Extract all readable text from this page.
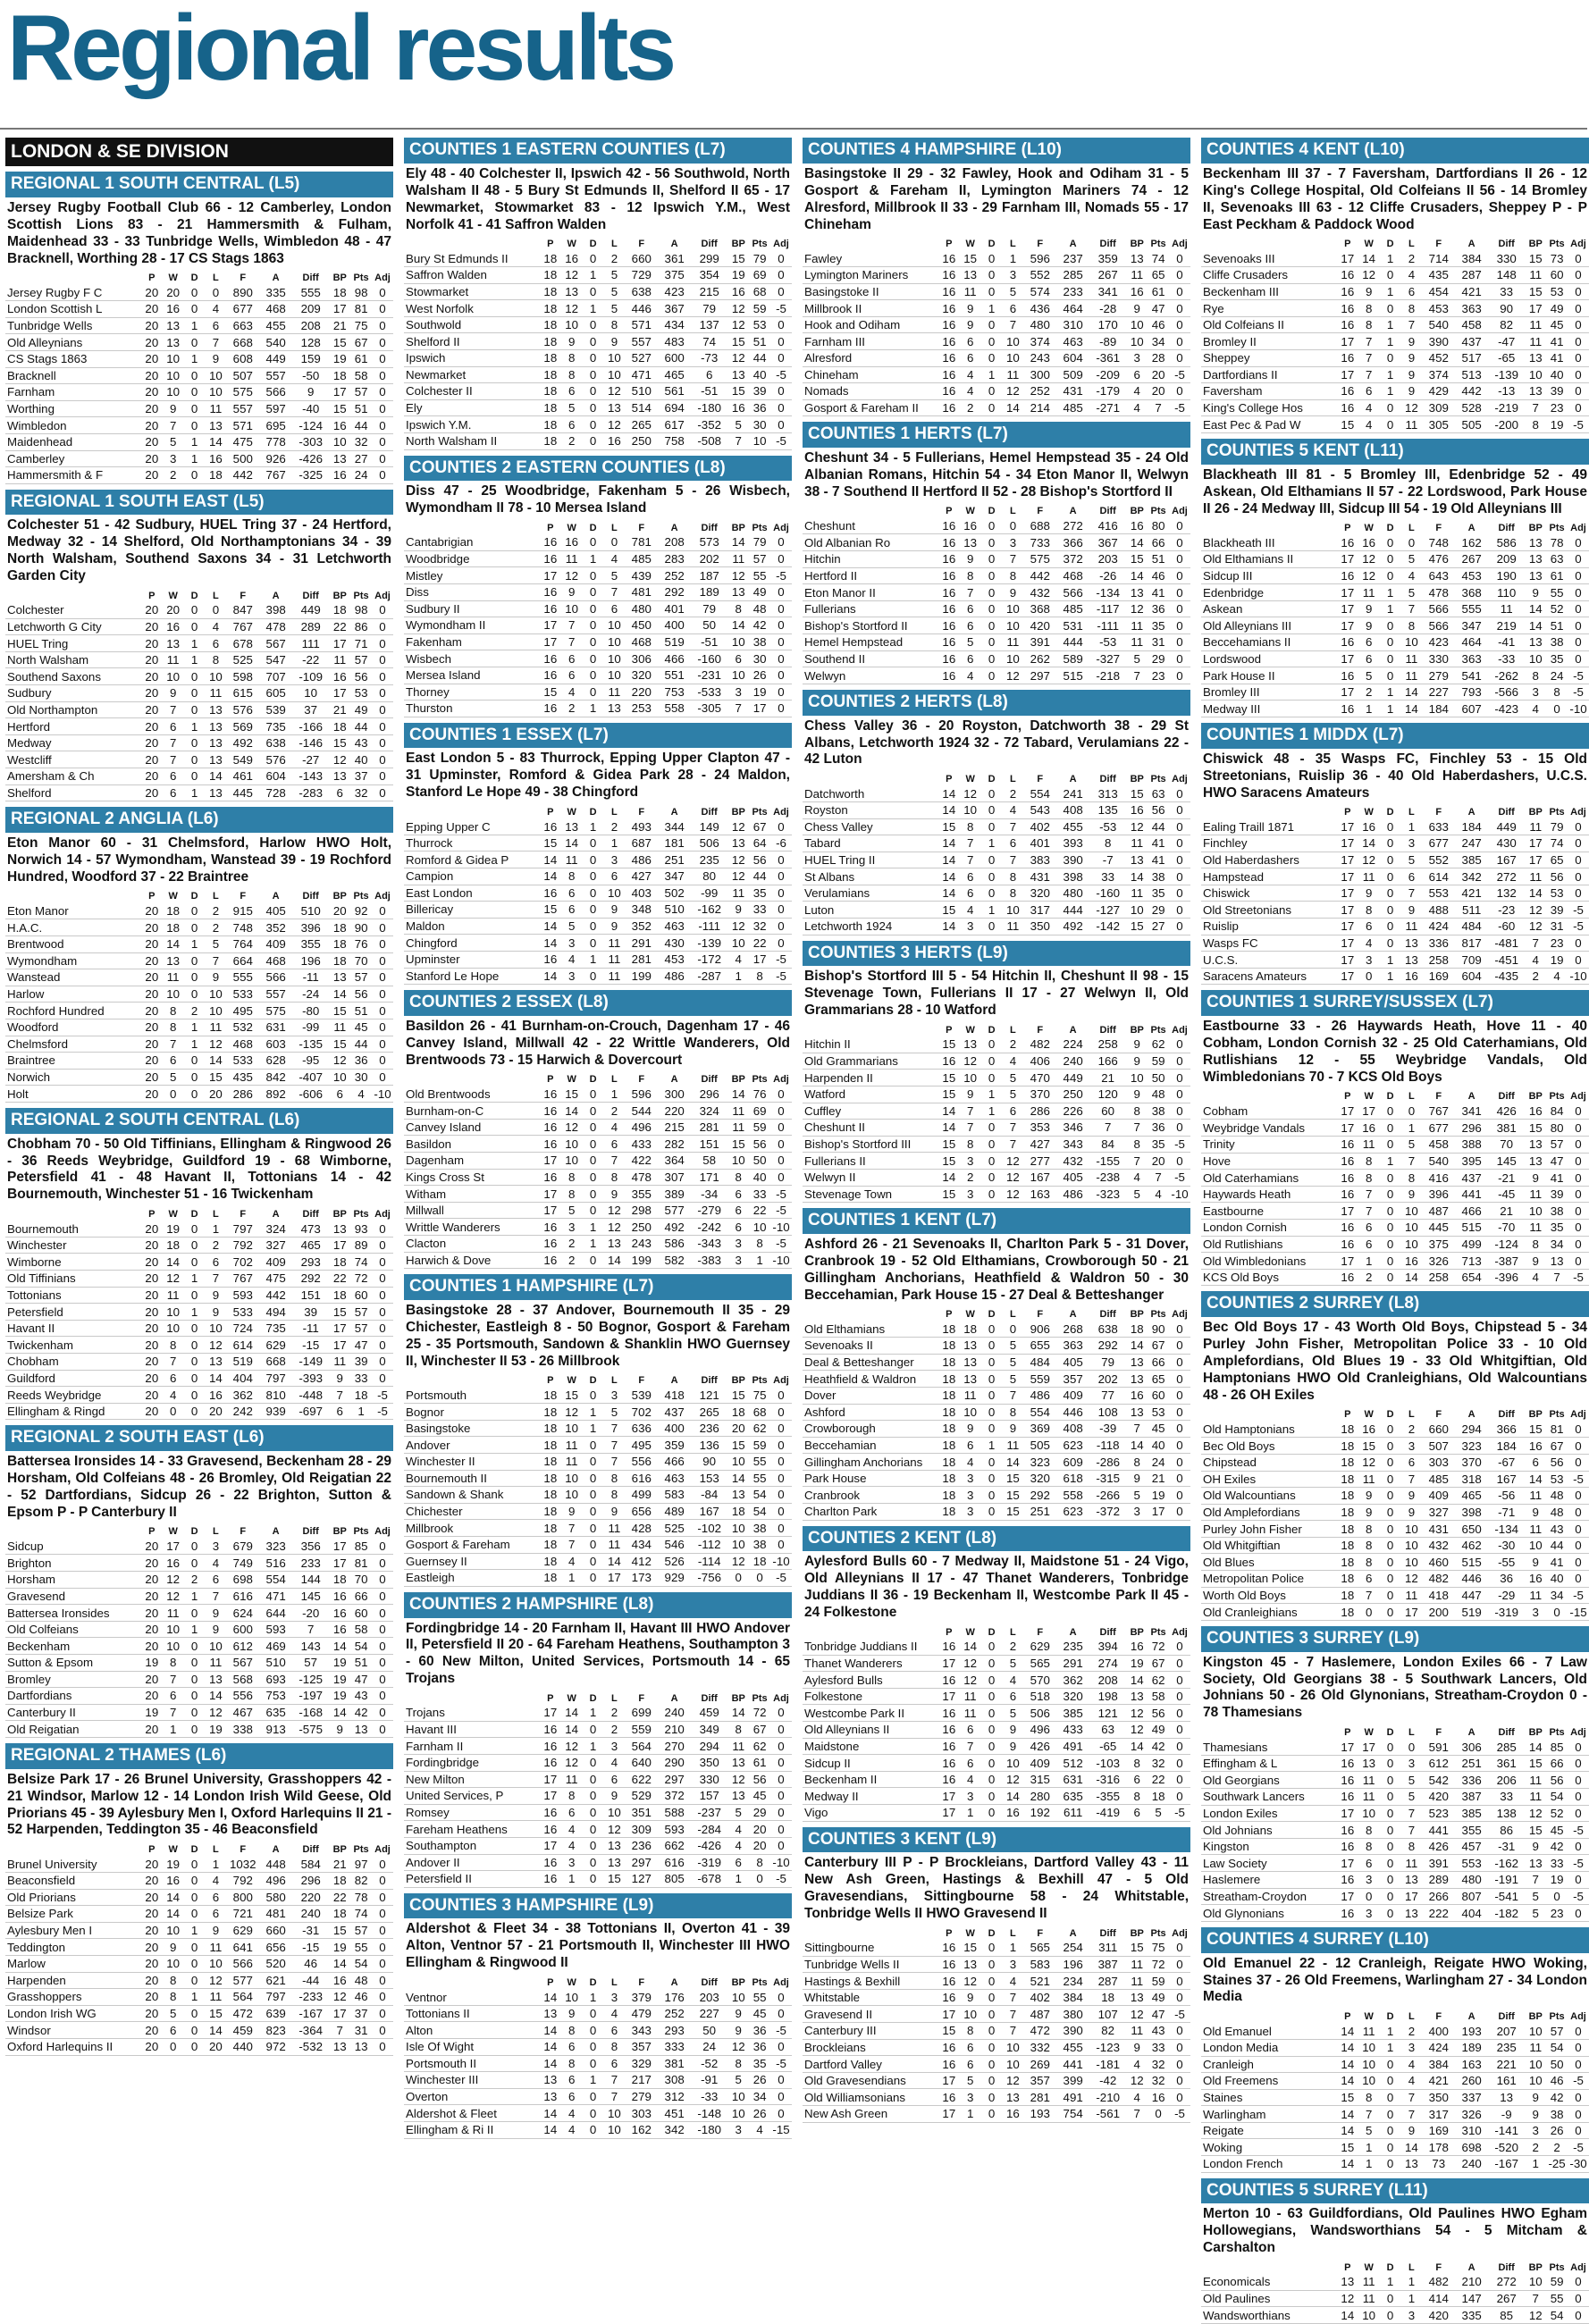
Regional results
LONDON & SE DIVISION
REGIONAL 1 SOUTH CENTRAL (L5)
Jersey Rugby Football Club 66 - 12 Camberley, London Scottish Lions 83 - 21 Hammersmith & Fulham, Maidenhead 33 - 33 Tunbridge Wells, Wimbledon 48 - 47 Bracknell, Worthing 28 - 17 CS Stags 1863
	P	W	D	L	F	A	Diff	BP	Pts	Adj
Jersey Rugby F C	20	20	0	0	890	335	555	18	98	0
London Scottish L	20	16	0	4	677	468	209	17	81	0
Tunbridge Wells	20	13	1	6	663	455	208	21	75	0
Old Alleynians	20	13	0	7	668	540	128	15	67	0
CS Stags 1863	20	10	1	9	608	449	159	19	61	0
Bracknell	20	10	0	10	507	557	-50	18	58	0
Farnham	20	10	0	10	575	566	9	17	57	0
Worthing	20	9	0	11	557	597	-40	15	51	0
Wimbledon	20	7	0	13	571	695	-124	16	44	0
Maidenhead	20	5	1	14	475	778	-303	10	32	0
Camberley	20	3	1	16	500	926	-426	13	27	0
Hammersmith & F	20	2	0	18	442	767	-325	16	24	0
REGIONAL 1 SOUTH EAST (L5)
Colchester 51 - 42 Sudbury, HUEL Tring 37 - 24 Hertford, Medway 32 - 14 Shelford, Old Northamptonians 34 - 39 North Walsham, Southend Saxons 34 - 31 Letchworth Garden City
	P	W	D	L	F	A	Diff	BP	Pts	Adj
Colchester	20	20	0	0	847	398	449	18	98	0
Letchworth G City	20	16	0	4	767	478	289	22	86	0
HUEL Tring	20	13	1	6	678	567	111	17	71	0
North Walsham	20	11	1	8	525	547	-22	11	57	0
Southend Saxons	20	10	0	10	598	707	-109	16	56	0
Sudbury	20	9	0	11	615	605	10	17	53	0
Old Northampton	20	7	0	13	576	539	37	21	49	0
Hertford	20	6	1	13	569	735	-166	18	44	0
Medway	20	7	0	13	492	638	-146	15	43	0
Westcliff	20	7	0	13	549	576	-27	12	40	0
Amersham & Ch	20	6	0	14	461	604	-143	13	37	0
Shelford	20	6	1	13	445	728	-283	6	32	0
REGIONAL 2 ANGLIA (L6)
Eton Manor 60 - 31 Chelmsford, Harlow HWO Holt, Norwich 14 - 57 Wymondham, Wanstead 39 - 19 Rochford Hundred, Woodford 37 - 22 Braintree
	P	W	D	L	F	A	Diff	BP	Pts	Adj
Eton Manor	20	18	0	2	915	405	510	20	92	0
H.A.C.	20	18	0	2	748	352	396	18	90	0
Brentwood	20	14	1	5	764	409	355	18	76	0
Wymondham	20	13	0	7	664	468	196	18	70	0
Wanstead	20	11	0	9	555	566	-11	13	57	0
Harlow	20	10	0	10	533	557	-24	14	56	0
Rochford Hundred	20	8	2	10	495	575	-80	15	51	0
Woodford	20	8	1	11	532	631	-99	11	45	0
Chelmsford	20	7	1	12	468	603	-135	15	44	0
Braintree	20	6	0	14	533	628	-95	12	36	0
Norwich	20	5	0	15	435	842	-407	10	30	0
Holt	20	0	0	20	286	892	-606	6	4	-10
REGIONAL 2 SOUTH CENTRAL (L6)
Chobham 70 - 50 Old Tiffinians, Ellingham & Ringwood 26 - 36 Reeds Weybridge, Guildford 19 - 68 Wimborne, Petersfield 41 - 48 Havant II, Tottonians 14 - 42 Bournemouth, Winchester 51 - 16 Twickenham
	P	W	D	L	F	A	Diff	BP	Pts	Adj
Bournemouth	20	19	0	1	797	324	473	13	93	0
Winchester	20	18	0	2	792	327	465	17	89	0
Wimborne	20	14	0	6	702	409	293	18	74	0
Old Tiffinians	20	12	1	7	767	475	292	22	72	0
Tottonians	20	11	0	9	593	442	151	18	60	0
Petersfield	20	10	1	9	533	494	39	15	57	0
Havant II	20	10	0	10	724	735	-11	17	57	0
Twickenham	20	8	0	12	614	629	-15	17	47	0
Chobham	20	7	0	13	519	668	-149	11	39	0
Guildford	20	6	0	14	404	797	-393	9	33	0
Reeds Weybridge	20	4	0	16	362	810	-448	7	18	-5
Ellingham & Ringd	20	0	0	20	242	939	-697	6	1	-5
REGIONAL 2 SOUTH EAST (L6)
Battersea Ironsides 14 - 33 Gravesend, Beckenham 28 - 29 Horsham, Old Colfeians 48 - 26 Bromley, Old Reigatian 22 - 52 Dartfordians, Sidcup 26 - 22 Brighton, Sutton & Epsom P - P Canterbury II
	P	W	D	L	F	A	Diff	BP	Pts	Adj
Sidcup	20	17	0	3	679	323	356	17	85	0
Brighton	20	16	0	4	749	516	233	17	81	0
Horsham	20	12	2	6	698	554	144	18	70	0
Gravesend	20	12	1	7	616	471	145	16	66	0
Battersea Ironsides	20	11	0	9	624	644	-20	16	60	0
Old Colfeians	20	10	1	9	600	593	7	16	58	0
Beckenham	20	10	0	10	612	469	143	14	54	0
Sutton & Epsom	19	8	0	11	567	510	57	19	51	0
Bromley	20	7	0	13	568	693	-125	19	47	0
Dartfordians	20	6	0	14	556	753	-197	19	43	0
Canterbury II	19	7	0	12	467	635	-168	14	42	0
Old Reigatian	20	1	0	19	338	913	-575	9	13	0
REGIONAL 2 THAMES (L6)
Belsize Park 17 - 26 Brunel University, Grasshoppers 42 - 21 Windsor, Marlow 12 - 14 London Irish Wild Geese, Old Priorians 45 - 39 Aylesbury Men I, Oxford Harlequins II 21 - 52 Harpenden, Teddington 35 - 46 Beaconsfield
	P	W	D	L	F	A	Diff	BP	Pts	Adj
Brunel University	20	19	0	1	1032	448	584	21	97	0
Beaconsfield	20	16	0	4	792	496	296	18	82	0
Old Priorians	20	14	0	6	800	580	220	22	78	0
Belsize Park	20	14	0	6	721	481	240	18	74	0
Aylesbury Men I	20	10	1	9	629	660	-31	15	57	0
Teddington	20	9	0	11	641	656	-15	19	55	0
Marlow	20	10	0	10	566	520	46	14	54	0
Harpenden	20	8	0	12	577	621	-44	16	48	0
Grasshoppers	20	8	1	11	564	797	-233	12	46	0
London Irish WG	20	5	0	15	472	639	-167	17	37	0
Windsor	20	6	0	14	459	823	-364	7	31	0
Oxford Harlequins II	20	0	0	20	440	972	-532	13	13	0
COUNTIES 1 EASTERN COUNTIES (L7)
Ely 48 - 40 Colchester II, Ipswich 42 - 56 Southwold, North Walsham II 48 - 5 Bury St Edmunds II, Shelford II 65 - 17 Newmarket, Stowmarket 83 - 12 Ipswich Y.M., West Norfolk 41 - 41 Saffron Walden
	P	W	D	L	F	A	Diff	BP	Pts	Adj
Bury St Edmunds II	18	16	0	2	660	361	299	15	79	0
Saffron Walden	18	12	1	5	729	375	354	19	69	0
Stowmarket	18	13	0	5	638	423	215	16	68	0
West Norfolk	18	12	1	5	446	367	79	12	59	-5
Southwold	18	10	0	8	571	434	137	12	53	0
Shelford II	18	9	0	9	557	483	74	15	51	0
Ipswich	18	8	0	10	527	600	-73	12	44	0
Newmarket	18	8	0	10	471	465	6	13	40	-5
Colchester II	18	6	0	12	510	561	-51	15	39	0
Ely	18	5	0	13	514	694	-180	16	36	0
Ipswich Y.M.	18	6	0	12	265	617	-352	5	30	0
North Walsham II	18	2	0	16	250	758	-508	7	10	-5
COUNTIES 2 EASTERN COUNTIES (L8)
Diss 47 - 25 Woodbridge, Fakenham 5 - 26 Wisbech, Wymondham II 78 - 10 Mersea Island
	P	W	D	L	F	A	Diff	BP	Pts	Adj
Cantabrigian	16	16	0	0	781	208	573	14	79	0
Woodbridge	16	11	1	4	485	283	202	11	57	0
Mistley	17	12	0	5	439	252	187	12	55	-5
Diss	16	9	0	7	481	292	189	13	49	0
Sudbury II	16	10	0	6	480	401	79	8	48	0
Wymondham II	17	7	0	10	450	400	50	14	42	0
Fakenham	17	7	0	10	468	519	-51	10	38	0
Wisbech	16	6	0	10	306	466	-160	6	30	0
Mersea Island	16	6	0	10	320	551	-231	10	26	0
Thorney	15	4	0	11	220	753	-533	3	19	0
Thurston	16	2	1	13	253	558	-305	7	17	0
COUNTIES 1 ESSEX (L7)
East London 5 - 83 Thurrock, Epping Upper Clapton 47 - 31 Upminster, Romford & Gidea Park 28 - 24 Maldon, Stanford Le Hope 49 - 38 Chingford
	P	W	D	L	F	A	Diff	BP	Pts	Adj
Epping Upper C	16	13	1	2	493	344	149	12	67	0
Thurrock	15	14	0	1	687	181	506	13	64	-6
Romford & Gidea P	14	11	0	3	486	251	235	12	56	0
Campion	14	8	0	6	427	347	80	12	44	0
East London	16	6	0	10	403	502	-99	11	35	0
Billericay	15	6	0	9	348	510	-162	9	33	0
Maldon	14	5	0	9	352	463	-111	12	32	0
Chingford	14	3	0	11	291	430	-139	10	22	0
Upminster	16	4	1	11	281	453	-172	4	17	-5
Stanford Le Hope	14	3	0	11	199	486	-287	1	8	-5
COUNTIES 2 ESSEX (L8)
Basildon 26 - 41 Burnham-on-Crouch, Dagenham 17 - 46 Canvey Island, Millwall 42 - 22 Writtle Wanderers, Old Brentwoods 73 - 15 Harwich & Dovercourt
	P	W	D	L	F	A	Diff	BP	Pts	Adj
Old Brentwoods	16	15	0	1	596	300	296	14	76	0
Burnham-on-C	16	14	0	2	544	220	324	11	69	0
Canvey Island	16	12	0	4	496	215	281	11	59	0
Basildon	16	10	0	6	433	282	151	15	56	0
Dagenham	17	10	0	7	422	364	58	10	50	0
Kings Cross St	16	8	0	8	478	307	171	8	40	0
Witham	17	8	0	9	355	389	-34	6	33	-5
Millwall	17	5	0	12	298	577	-279	6	22	-5
Writtle Wanderers	16	3	1	12	250	492	-242	6	10	-10
Clacton	16	2	1	13	243	586	-343	3	8	-5
Harwich & Dove	16	2	0	14	199	582	-383	3	1	-10
COUNTIES 1 HAMPSHIRE (L7)
Basingstoke 28 - 37 Andover, Bournemouth II 35 - 29 Chichester, Eastleigh 8 - 50 Bognor, Gosport & Fareham 25 - 35 Portsmouth, Sandown & Shanklin HWO Guernsey II, Winchester II 53 - 26 Millbrook
	P	W	D	L	F	A	Diff	BP	Pts	Adj
Portsmouth	18	15	0	3	539	418	121	15	75	0
Bognor	18	12	1	5	702	437	265	18	68	0
Basingstoke	18	10	1	7	636	400	236	20	62	0
Andover	18	11	0	7	495	359	136	15	59	0
Winchester II	18	11	0	7	556	466	90	10	55	0
Bournemouth II	18	10	0	8	616	463	153	14	55	0
Sandown & Shank	18	10	0	8	499	583	-84	13	54	0
Chichester	18	9	0	9	656	489	167	18	54	0
Millbrook	18	7	0	11	428	525	-102	10	38	0
Gosport & Fareham	18	7	0	11	434	546	-112	10	38	0
Guernsey II	18	4	0	14	412	526	-114	12	18	-10
Eastleigh	18	1	0	17	173	929	-756	0	0	-5
COUNTIES 2 HAMPSHIRE (L8)
Fordingbridge 14 - 20 Farnham II, Havant III HWO Andover II, Petersfield II 20 - 64 Fareham Heathens, Southampton 3 - 60 New Milton, United Services, Portsmouth 14 - 65 Trojans
	P	W	D	L	F	A	Diff	BP	Pts	Adj
Trojans	17	14	1	2	699	240	459	14	72	0
Havant III	16	14	0	2	559	210	349	8	67	0
Farnham II	16	12	1	3	564	270	294	11	62	0
Fordingbridge	16	12	0	4	640	290	350	13	61	0
New Milton	17	11	0	6	622	297	330	12	56	0
United Services, P	17	8	0	9	529	372	157	13	45	0
Romsey	16	6	0	10	351	588	-237	5	29	0
Fareham Heathens	16	4	0	12	309	593	-284	4	20	0
Southampton	17	4	0	13	236	662	-426	4	20	0
Andover II	16	3	0	13	297	616	-319	6	8	-10
Petersfield II	16	1	0	15	127	805	-678	1	0	-5
COUNTIES 3 HAMPSHIRE (L9)
Aldershot & Fleet 34 - 38 Tottonians II, Overton 41 - 39 Alton, Ventnor 57 - 21 Portsmouth II, Winchester III HWO Ellingham & Ringwood II
	P	W	D	L	F	A	Diff	BP	Pts	Adj
Ventnor	14	10	1	3	379	176	203	10	55	0
Tottonians II	13	9	0	4	479	252	227	9	45	0
Alton	14	8	0	6	343	293	50	9	36	-5
Isle Of Wight	14	6	0	8	357	333	24	12	36	0
Portsmouth II	14	8	0	6	329	381	-52	8	35	-5
Winchester III	13	6	1	7	217	308	-91	5	26	0
Overton	13	6	0	7	279	312	-33	10	34	0
Aldershot & Fleet	14	4	0	10	303	451	-148	10	26	0
Ellingham & Ri II	14	4	0	10	162	342	-180	3	4	-15
COUNTIES 4 HAMPSHIRE (L10)
Basingstoke II 29 - 32 Fawley, Hook and Odiham 31 - 5 Gosport & Fareham II, Lymington Mariners 74 - 12 Alresford, Millbrook II 33 - 29 Farnham III, Nomads 55 - 17 Chineham
	P	W	D	L	F	A	Diff	BP	Pts	Adj
Fawley	16	15	0	1	596	237	359	13	74	0
Lymington Mariners	16	13	0	3	552	285	267	11	65	0
Basingstoke II	16	11	0	5	574	233	341	16	61	0
Millbrook II	16	9	1	6	436	464	-28	9	47	0
Hook and Odiham	16	9	0	7	480	310	170	10	46	0
Farnham III	16	6	0	10	374	463	-89	10	34	0
Alresford	16	6	0	10	243	604	-361	3	28	0
Chineham	16	4	1	11	300	509	-209	6	20	-5
Nomads	16	4	0	12	252	431	-179	4	20	0
Gosport & Fareham II	16	2	0	14	214	485	-271	4	7	-5
COUNTIES 1 HERTS (L7)
Cheshunt 34 - 5 Fullerians, Hemel Hempstead 35 - 24 Old Albanian Romans, Hitchin 54 - 34 Eton Manor II, Welwyn 38 - 7 Southend II Hertford II 52 - 28 Bishop's Stortford II
	P	W	D	L	F	A	Diff	BP	Pts	Adj
Cheshunt	16	16	0	0	688	272	416	16	80	0
Old Albanian Ro	16	13	0	3	733	366	367	14	66	0
Hitchin	16	9	0	7	575	372	203	15	51	0
Hertford II	16	8	0	8	442	468	-26	14	46	0
Eton Manor II	16	7	0	9	432	566	-134	13	41	0
Fullerians	16	6	0	10	368	485	-117	12	36	0
Bishop's Stortford II	16	6	0	10	420	531	-111	11	35	0
Hemel Hempstead	16	5	0	11	391	444	-53	11	31	0
Southend II	16	6	0	10	262	589	-327	5	29	0
Welwyn	16	4	0	12	297	515	-218	7	23	0
COUNTIES 2 HERTS (L8)
Chess Valley 36 - 20 Royston, Datchworth 38 - 29 St Albans, Letchworth 1924 32 - 72 Tabard, Verulamians 22 - 42 Luton
	P	W	D	L	F	A	Diff	BP	Pts	Adj
Datchworth	14	12	0	2	554	241	313	15	63	0
Royston	14	10	0	4	543	408	135	16	56	0
Chess Valley	15	8	0	7	402	455	-53	12	44	0
Tabard	14	7	1	6	401	393	8	11	41	0
HUEL Tring II	14	7	0	7	383	390	-7	13	41	0
St Albans	14	6	0	8	431	398	33	14	38	0
Verulamians	14	6	0	8	320	480	-160	11	35	0
Luton	15	4	1	10	317	444	-127	10	29	0
Letchworth 1924	14	3	0	11	350	492	-142	15	27	0
COUNTIES 3 HERTS (L9)
Bishop's Stortford III 5 - 54 Hitchin II, Cheshunt II 98 - 15 Stevenage Town, Fullerians II 17 - 27 Welwyn II, Old Grammarians 28 - 10 Watford
	P	W	D	L	F	A	Diff	BP	Pts	Adj
Hitchin II	15	13	0	2	482	224	258	9	62	0
Old Grammarians	16	12	0	4	406	240	166	9	59	0
Harpenden II	15	10	0	5	470	449	21	10	50	0
Watford	15	9	1	5	370	250	120	9	48	0
Cuffley	14	7	1	6	286	226	60	8	38	0
Cheshunt II	14	7	0	7	353	346	7	7	36	0
Bishop's Stortford III	15	8	0	7	427	343	84	8	35	-5
Fullerians II	15	3	0	12	277	432	-155	7	20	0
Welwyn II	14	2	0	12	167	405	-238	4	7	-5
Stevenage Town	15	3	0	12	163	486	-323	5	4	-10
COUNTIES 1 KENT (L7)
Ashford 26 - 21 Sevenoaks II, Charlton Park 5 - 31 Dover, Cranbrook 19 - 52 Old Elthamians, Crowborough 50 - 21 Gillingham Anchorians, Heathfield & Waldron 50 - 30 Beccehamian, Park House 15 - 27 Deal & Betteshanger
	P	W	D	L	F	A	Diff	BP	Pts	Adj
Old Elthamians	18	18	0	0	906	268	638	18	90	0
Sevenoaks II	18	13	0	5	655	363	292	14	67	0
Deal & Betteshanger	18	13	0	5	484	405	79	13	66	0
Heathfield & Waldron	18	13	0	5	559	357	202	13	65	0
Dover	18	11	0	7	486	409	77	16	60	0
Ashford	18	10	0	8	554	446	108	13	53	0
Crowborough	18	9	0	9	369	408	-39	7	45	0
Beccehamian	18	6	1	11	505	623	-118	14	40	0
Gillingham Anchorians	18	4	0	14	323	609	-286	8	24	0
Park House	18	3	0	15	320	618	-315	9	21	0
Cranbrook	18	3	0	15	292	558	-266	5	19	0
Charlton Park	18	3	0	15	251	623	-372	3	17	0
COUNTIES 2 KENT (L8)
Aylesford Bulls 60 - 7 Medway II, Maidstone 51 - 24 Vigo, Old Alleynians II 17 - 47 Thanet Wanderers, Tonbridge Juddians II 36 - 19 Beckenham II, Westcombe Park II 45 - 24 Folkestone
	P	W	D	L	F	A	Diff	BP	Pts	Adj
Tonbridge Juddians II	16	14	0	2	629	235	394	16	72	0
Thanet Wanderers	17	12	0	5	565	291	274	19	67	0
Aylesford Bulls	16	12	0	4	570	362	208	14	62	0
Folkestone	17	11	0	6	518	320	198	13	58	0
Westcombe Park II	16	11	0	5	506	385	121	12	56	0
Old Alleynians II	16	6	0	9	496	433	63	12	49	0
Maidstone	16	7	0	9	426	491	-65	14	42	0
Sidcup II	16	6	0	10	409	512	-103	8	32	0
Beckenham II	16	4	0	12	315	631	-316	6	22	0
Medway II	17	3	0	14	280	635	-355	8	18	0
Vigo	17	1	0	16	192	611	-419	6	5	-5
COUNTIES 3 KENT (L9)
Canterbury III P - P Brockleians, Dartford Valley 43 - 11 New Ash Green, Hastings & Bexhill 47 - 5 Old Gravesendians, Sittingbourne 58 - 24 Whitstable, Tonbridge Wells II HWO Gravesend II
	P	W	D	L	F	A	Diff	BP	Pts	Adj
Sittingbourne	16	15	0	1	565	254	311	15	75	0
Tunbridge Wells II	16	13	0	3	583	196	387	11	72	0
Hastings & Bexhill	16	12	0	4	521	234	287	11	59	0
Whitstable	16	9	0	7	402	384	18	13	49	0
Gravesend II	17	10	0	7	487	380	107	12	47	-5
Canterbury III	15	8	0	7	472	390	82	11	43	0
Brockleians	16	6	0	10	332	455	-123	9	33	0
Dartford Valley	16	6	0	10	269	441	-181	4	32	0
Old Gravesendians	17	5	0	12	357	399	-42	12	32	0
Old Williamsonians	16	3	0	13	281	491	-210	4	16	0
New Ash Green	17	1	0	16	193	754	-561	7	0	-5
COUNTIES 4 KENT (L10)
Beckenham III 37 - 7 Faversham, Dartfordians II 26 - 12 King's College Hospital, Old Colfeians II 56 - 14 Bromley II, Sevenoaks III 63 - 12 Cliffe Crusaders, Sheppey P - P East Peckham & Paddock Wood
	P	W	D	L	F	A	Diff	BP	Pts	Adj
Sevenoaks III	17	14	1	2	714	384	330	15	73	0
Cliffe Crusaders	16	12	0	4	435	287	148	11	60	0
Beckenham III	16	9	1	6	454	421	33	15	53	0
Rye	16	8	0	8	453	363	90	17	49	0
Old Colfeians II	16	8	1	7	540	458	82	11	45	0
Bromley II	17	7	1	9	390	437	-47	11	41	0
Sheppey	16	7	0	9	452	517	-65	13	41	0
Dartfordians II	17	7	1	9	374	513	-139	10	40	0
Faversham	16	6	1	9	429	442	-13	13	39	0
King's College Hos	16	4	0	12	309	528	-219	7	23	0
East Pec & Pad W	15	4	0	11	305	505	-200	8	19	-5
COUNTIES 5 KENT (L11)
Blackheath III 81 - 5 Bromley III, Edenbridge 52 - 49 Askean, Old Elthamians II 57 - 22 Lordswood, Park House II 26 - 24 Medway III, Sidcup III 54 - 19 Old Alleynians III
	P	W	D	L	F	A	Diff	BP	Pts	Adj
Blackheath III	16	16	0	0	748	162	586	13	78	0
Old Elthamians II	17	12	0	5	476	267	209	13	63	0
Sidcup III	16	12	0	4	643	453	190	13	61	0
Edenbridge	17	11	1	5	478	368	110	9	55	0
Askean	17	9	1	7	566	555	11	14	52	0
Old Alleynians III	17	9	0	8	566	347	219	14	51	0
Beccehamians II	16	6	0	10	423	464	-41	13	38	0
Lordswood	17	6	0	11	330	363	-33	10	35	0
Park House II	16	5	0	11	279	541	-262	8	24	-5
Bromley III	17	2	1	14	227	793	-566	3	8	-5
Medway III	16	1	1	14	184	607	-423	4	0	-10
COUNTIES 1 MIDDX (L7)
Chiswick 48 - 35 Wasps FC, Finchley 53 - 15 Old Streetonians, Ruislip 36 - 40 Old Haberdashers, U.C.S. HWO Saracens Amateurs
	P	W	D	L	F	A	Diff	BP	Pts	Adj
Ealing Traill 1871	17	16	0	1	633	184	449	11	79	0
Finchley	17	14	0	3	677	247	430	17	74	0
Old Haberdashers	17	12	0	5	552	385	167	17	65	0
Hampstead	17	11	0	6	614	342	272	11	56	0
Chiswick	17	9	0	7	553	421	132	14	53	0
Old Streetonians	17	8	0	9	488	511	-23	12	39	-5
Ruislip	17	6	0	11	424	484	-60	12	31	-5
Wasps FC	17	4	0	13	336	817	-481	7	23	0
U.C.S.	17	3	1	13	258	709	-451	4	19	0
Saracens Amateurs	17	0	1	16	169	604	-435	2	4	-10
COUNTIES 1 SURREY/SUSSEX (L7)
Eastbourne 33 - 26 Haywards Heath, Hove 11 - 40 Cobham, London Cornish 32 - 25 Old Caterhamians, Old Rutlishians 12 - 55 Weybridge Vandals, Old Wimbledonians 70 - 7 KCS Old Boys
	P	W	D	L	F	A	Diff	BP	Pts	Adj
Cobham	17	17	0	0	767	341	426	16	84	0
Weybridge Vandals	17	16	0	1	677	296	381	15	80	0
Trinity	16	11	0	5	458	388	70	13	57	0
Hove	16	8	1	7	540	395	145	13	47	0
Old Caterhamians	16	8	0	8	416	437	-21	9	41	0
Haywards Heath	16	7	0	9	396	441	-45	11	39	0
Eastbourne	17	7	0	10	487	466	21	10	38	0
London Cornish	16	6	0	10	445	515	-70	11	35	0
Old Rutlishians	16	6	0	10	375	499	-124	8	34	0
Old Wimbledonians	17	1	0	16	326	713	-387	9	13	0
KCS Old Boys	16	2	0	14	258	654	-396	4	7	-5
COUNTIES 2 SURREY (L8)
Bec Old Boys 17 - 43 Worth Old Boys, Chipstead 5 - 34 Purley John Fisher, Metropolitan Police 33 - 10 Old Amplefordians, Old Blues 19 - 33 Old Whitgiftian, Old Hamptonians HWO Old Cranleighians, Old Walcountians 48 - 26 OH Exiles
	P	W	D	L	F	A	Diff	BP	Pts	Adj
Old Hamptonians	18	16	0	2	660	294	366	15	81	0
Bec Old Boys	18	15	0	3	507	323	184	16	67	0
Chipstead	18	12	0	6	303	370	-67	6	56	0
OH Exiles	18	11	0	7	485	318	167	14	53	-5
Old Walcountians	18	9	0	9	409	465	-56	11	48	0
Old Amplefordians	18	9	0	9	327	398	-71	9	48	0
Purley John Fisher	18	8	0	10	431	650	-134	11	43	0
Old Whitgiftian	18	8	0	10	432	462	-30	10	44	0
Old Blues	18	8	0	10	460	515	-55	9	41	0
Metropolitan Police	18	6	0	12	482	446	36	16	40	0
Worth Old Boys	18	7	0	11	418	447	-29	11	34	-5
Old Cranleighians	18	0	0	17	200	519	-319	3	0	-15
COUNTIES 3 SURREY (L9)
Kingston 45 - 7 Haslemere, London Exiles 66 - 7 Law Society, Old Georgians 38 - 5 Southwark Lancers, Old Johnians 50 - 26 Old Glynonians, Streatham-Croydon 0 - 78 Thamesians
	P	W	D	L	F	A	Diff	BP	Pts	Adj
Thamesians	17	17	0	0	591	306	285	14	85	0
Effingham & L	16	13	0	3	612	251	361	15	66	0
Old Georgians	16	11	0	5	542	336	206	11	56	0
Southwark Lancers	16	11	0	5	420	387	33	11	54	0
London Exiles	17	10	0	7	523	385	138	12	52	0
Old Johnians	16	8	0	7	441	355	86	15	45	-5
Kingston	16	8	0	8	426	457	-31	9	42	0
Law Society	17	6	0	11	391	553	-162	13	33	-5
Haslemere	16	3	0	13	289	480	-191	7	19	0
Streatham-Croydon	17	0	0	17	266	807	-541	5	0	-5
Old Glynonians	16	3	0	13	222	404	-182	5	23	0
COUNTIES 4 SURREY (L10)
Old Emanuel 22 - 12 Cranleigh, Reigate HWO Woking, Staines 37 - 26 Old Freemens, Warlingham 27 - 34 London Media
	P	W	D	L	F	A	Diff	BP	Pts	Adj
Old Emanuel	14	11	1	2	400	193	207	10	57	0
London Media	14	10	1	3	424	189	235	11	54	0
Cranleigh	14	10	0	4	384	163	221	10	50	0
Old Freemens	14	10	0	4	421	260	161	10	46	-5
Staines	15	8	0	7	350	337	13	9	42	0
Warlingham	14	7	0	7	317	326	-9	9	38	0
Reigate	14	5	0	9	169	310	-141	3	26	0
Woking	15	1	0	14	178	698	-520	2	2	-5
London French	14	1	0	13	73	240	-167	1	-25	-30
COUNTIES 5 SURREY (L11)
Merton 10 - 63 Guildfordians, Old Paulines HWO Egham Hollowegians, Wandsworthians 54 - 5 Mitcham & Carshalton
	P	W	D	L	F	A	Diff	BP	Pts	Adj
Economicals	13	11	1	1	482	210	272	10	59	0
Old Paulines	12	11	0	1	414	147	267	7	55	0
Wandsworthians	14	10	0	3	420	335	85	12	54	0
